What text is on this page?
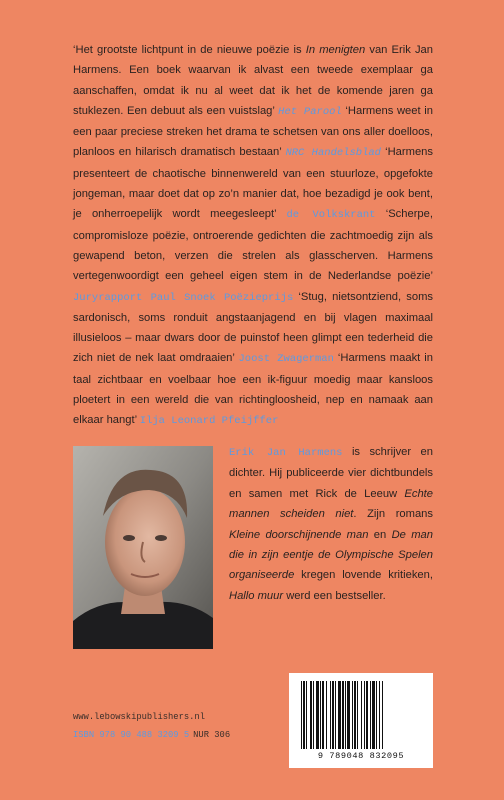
‘Het grootste lichtpunt in de nieuwe poëzie is In menigten van Erik Jan Harmens. Een boek waarvan ik alvast een tweede exemplaar ga aanschaffen, omdat ik nu al weet dat ik het de komende jaren ga stuklezen. Een debuut als een vuistslag’ Het Parool ‘Harmens weet in een paar preciese streken het drama te schetsen van ons aller doelloos, planloos en hilarisch dramatisch bestaan’ NRC Handelsblad ‘Harmens presenteert de chaotische binnenwereld van een stuurloze, opgefokte jongeman, maar doet dat op zo’n manier dat, hoe bezadigd je ook bent, je onherroepelijk wordt meegesleept’ de Volkskrant ‘Scherpe, compromisloze poëzie, ontroerende gedichten die zachtmoedig zijn als gewapend beton, verzen die strelen als glasscherven. Harmens vertegenwoordigt een geheel eigen stem in de Nederlandse poëzie’ Juryrapport Paul Snoek Poëzieprijs ‘Stug, nietsontziend, soms sardonisch, soms ronduit angstaanjagend en bij vlagen maximaal illusieloos – maar dwars door de puinstof heen glimpt een tederheid die zich niet de nek laat omdraaien’ Joost Zwagerman ‘Harmens maakt in taal zichtbaar en voelbaar hoe een ik-figuur moedig maar kansloos ploetert in een wereld die van richtingloosheid, nep en namaak aan elkaar hangt’ Ilja Leonard Pfeijffer

Erik Jan Harmens is schrijver en dichter. Hij publiceerde vier dichtbundels en samen met Rick de Leeuw Echte mannen scheiden niet. Zijn romans Kleine doorschijnende man en De man die in zijn eentje de Olympische Spelen organiseerde kregen lovende kritieken, Hallo muur werd een bestseller.

www.lebowskipublishers.nl
ISBN 978 90 488 3209 5 NUR 306
9 789048 832095
